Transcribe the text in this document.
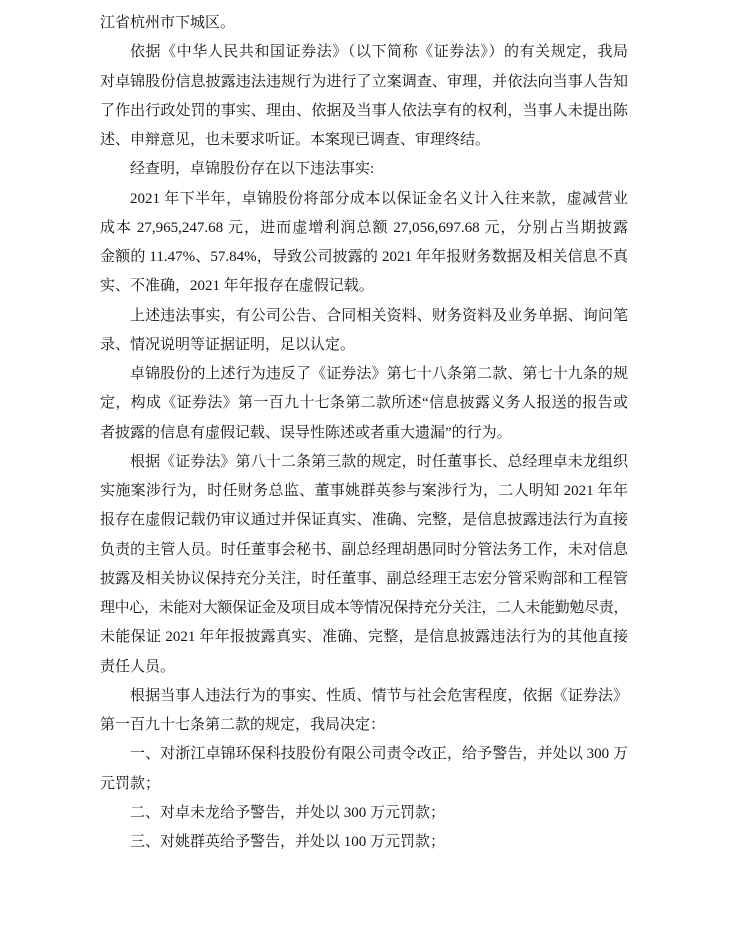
江省杭州市下城区。

依据《中华人民共和国证券法》（以下简称《证券法》）的有关规定，我局
对卓锦股份信息披露违法违规行为进行了立案调查、审理，并依法向当事人告知
了作出行政处罚的事实、理由、依据及当事人依法享有的权利，当事人未提出陈
述、申辩意见，也未要求听证。本案现已调查、审理终结。

经查明，卓锦股份存在以下违法事实:

2021 年下半年，卓锦股份将部分成本以保证金名义计入往来款，虚减营业
成本 27,965,247.68 元，进而虚增利润总额 27,056,697.68 元，分别占当期披露
金额的 11.47%、57.84%，导致公司披露的 2021 年年报财务数据及相关信息不真
实、不准确，2021 年年报存在虚假记载。

上述违法事实，有公司公告、合同相关资料、财务资料及业务单据、询问笔
录、情况说明等证据证明，足以认定。

卓锦股份的上述行为违反了《证券法》第七十八条第二款、第七十九条的规
定，构成《证券法》第一百九十七条第二款所述“信息披露义务人报送的报告或
者披露的信息有虚假记载、误导性陈述或者重大遗漏”的行为。

根据《证券法》第八十二条第三款的规定，时任董事长、总经理卓未龙组织
实施案涉行为，时任财务总监、董事姚群英参与案涉行为，二人明知 2021 年年
报存在虚假记载仍审议通过并保证真实、准确、完整，是信息披露违法行为直接
负责的主管人员。时任董事会秘书、副总经理胡愚同时分管法务工作，未对信息
披露及相关协议保持充分关注，时任董事、副总经理王志宏分管采购部和工程管
理中心，未能对大额保证金及项目成本等情况保持充分关注，二人未能勤勉尽责，
未能保证 2021 年年报披露真实、准确、完整，是信息披露违法行为的其他直接
责任人员。

根据当事人违法行为的事实、性质、情节与社会危害程度，依据《证券法》
第一百九十七条第二款的规定，我局决定：

一、对浙江卓锦环保科技股份有限公司责令改正，给予警告，并处以 300 万
元罚款；

二、对卓未龙给予警告，并处以 300 万元罚款；

三、对姚群英给予警告，并处以 100 万元罚款；
